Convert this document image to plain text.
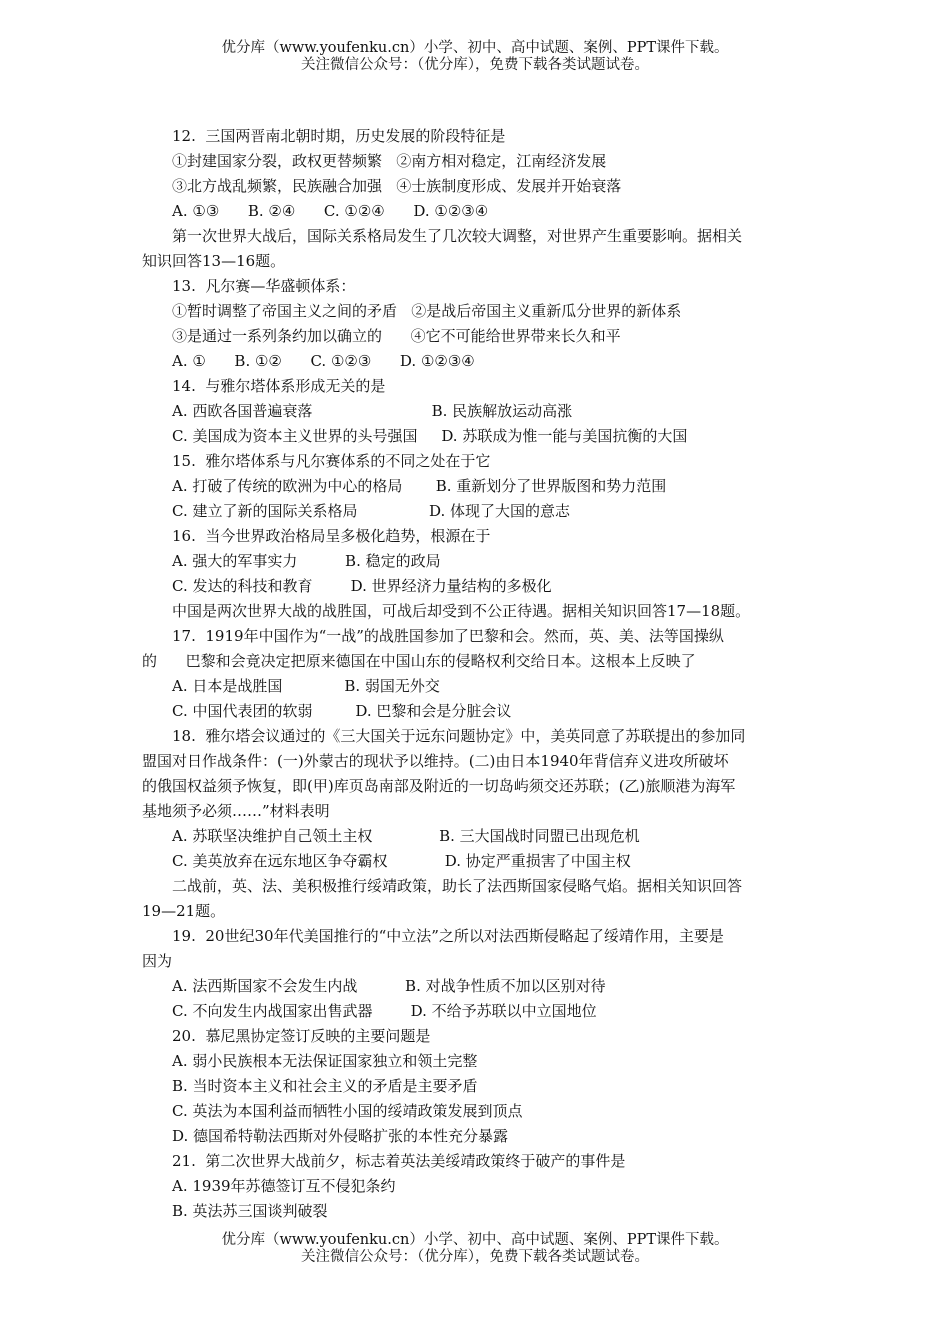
优分库（www.youfenku.cn）小学、初中、高中试题、案例、PPT课件下载。
关注微信公众号：（优分库），免费下载各类试题试卷。
12.  三国两晋南北朝时期，历史发展的阶段特征是
①封建国家分裂，政权更替频繁   ②南方相对稳定，江南经济发展
③北方战乱频繁，民族融合加强   ④士族制度形成、发展并开始衰落
A. ①③      B. ②④      C. ①②④      D. ①②③④
第一次世界大战后，国际关系格局发生了几次较大调整，对世界产生重要影响。据相关
知识回答13—16题。
13.  凡尔赛—华盛顿体系：
①暂时调整了帝国主义之间的矛盾   ②是战后帝国主义重新瓜分世界的新体系
③是通过一系列条约加以确立的      ④它不可能给世界带来长久和平
A. ①      B. ①②      C. ①②③      D. ①②③④
14.  与雅尔塔体系形成无关的是
A. 西欧各国普遍衰落                         B. 民族解放运动高涨
C. 美国成为资本主义世界的头号强国     D. 苏联成为惟一能与美国抗衡的大国
15.  雅尔塔体系与凡尔赛体系的不同之处在于它
A. 打破了传统的欧洲为中心的格局       B. 重新划分了世界版图和势力范围
C. 建立了新的国际关系格局               D. 体现了大国的意志
16.  当今世界政治格局呈多极化趋势，根源在于
A. 强大的军事实力          B. 稳定的政局
C. 发达的科技和教育        D. 世界经济力量结构的多极化
中国是两次世界大战的战胜国，可战后却受到不公正待遇。据相关知识回答17—18题。
17.  1919年中国作为“一战”的战胜国参加了巴黎和会。然而，英、美、法等国操纵
的      巴黎和会竟决定把原来德国在中国山东的侵略权利交给日本。这根本上反映了
A. 日本是战胜国             B. 弱国无外交
C. 中国代表团的软弱         D. 巴黎和会是分脏会议
18.  雅尔塔会议通过的《三大国关于远东问题协定》中，美英同意了苏联提出的参加同
盟国对日作战条件：(一)外蒙古的现状予以维持。(二)由日本1940年背信弃义进攻所破坏
的俄国权益须予恢复，即(甲)库页岛南部及附近的一切岛屿须交还苏联；(乙)旅顺港为海军
基地须予必须……”材料表明
A. 苏联坚决维护自己领土主权              B. 三大国战时同盟已出现危机
C. 美英放弃在远东地区争夺霸权            D. 协定严重损害了中国主权
二战前，英、法、美积极推行绥靖政策，助长了法西斯国家侵略气焰。据相关知识回答
19—21题。
19.  20世纪30年代美国推行的“中立法”之所以对法西斯侵略起了绥靖作用，主要是
因为
A. 法西斯国家不会发生内战          B. 对战争性质不加以区别对待
C. 不向发生内战国家出售武器        D. 不给予苏联以中立国地位
20.  慕尼黑协定签订反映的主要问题是
A. 弱小民族根本无法保证国家独立和领土完整
B. 当时资本主义和社会主义的矛盾是主要矛盾
C. 英法为本国利益而牺牲小国的绥靖政策发展到顶点
D. 德国希特勒法西斯对外侵略扩张的本性充分暴露
21.  第二次世界大战前夕，标志着英法美绥靖政策终于破产的事件是
A. 1939年苏德签订互不侵犯条约
B. 英法苏三国谈判破裂
优分库（www.youfenku.cn）小学、初中、高中试题、案例、PPT课件下载。
关注微信公众号：（优分库），免费下载各类试题试卷。
